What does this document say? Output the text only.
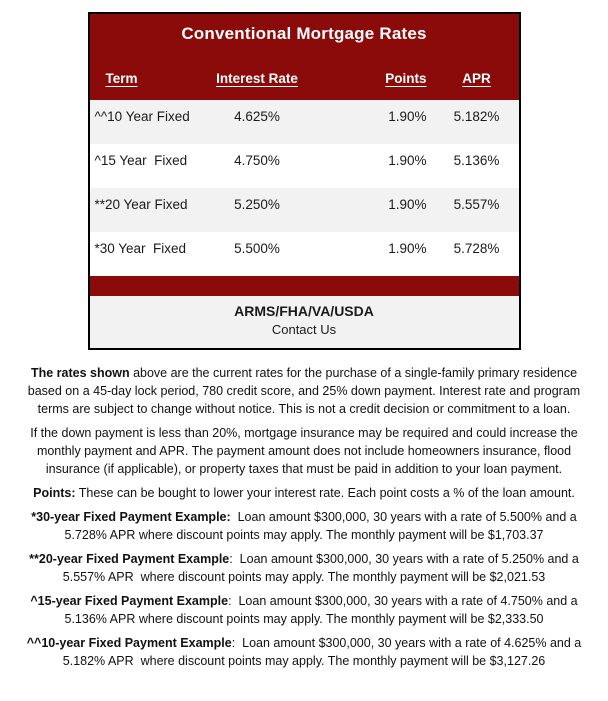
Conventional Mortgage Rates
Term	Interest Rate	Points	APR
^^10 Year Fixed	4.625%	1.90%	5.182%
^15 Year  Fixed	4.750%	1.90%	5.136%
**20 Year Fixed	5.250%	1.90%	5.557%
*30 Year  Fixed	5.500%	1.90%	5.728%
ARMS/FHA/VA/USDA
Contact Us

The rates shown above are the current rates for the purchase of a single-family primary residence based on a 45-day lock period, 780 credit score, and 25% down payment. Interest rate and program terms are subject to change without notice. This is not a credit decision or commitment to a loan.

If the down payment is less than 20%, mortgage insurance may be required and could increase the monthly payment and APR. The payment amount does not include homeowners insurance, flood insurance (if applicable), or property taxes that must be paid in addition to your loan payment.

Points: These can be bought to lower your interest rate. Each point costs a % of the loan amount.

*30-year Fixed Payment Example:  Loan amount $300,000, 30 years with a rate of 5.500% and a 5.728% APR where discount points may apply. The monthly payment will be $1,703.37

**20-year Fixed Payment Example:  Loan amount $300,000, 30 years with a rate of 5.250% and a 5.557% APR  where discount points may apply. The monthly payment will be $2,021.53

^15-year Fixed Payment Example:  Loan amount $300,000, 30 years with a rate of 4.750% and a 5.136% APR where discount points may apply. The monthly payment will be $2,333.50

^^10-year Fixed Payment Example:  Loan amount $300,000, 30 years with a rate of 4.625% and a 5.182% APR  where discount points may apply. The monthly payment will be $3,127.26
